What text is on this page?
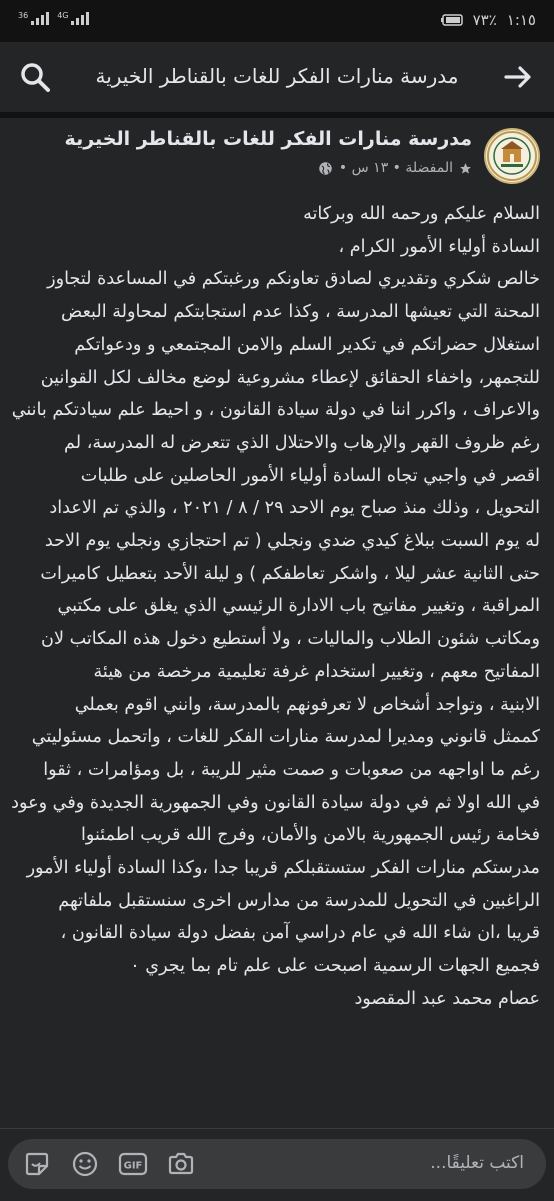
٧٣٪ ١:١٥
36	4G
مدرسة منارات الفكر للغات بالقناطر الخيرية
مدرسة منارات الفكر للغات بالقناطر الخيرية
المفضلة • ١٣ س •

السلام عليكم ورحمه الله وبركاته

السادة أولياء الأمور الكرام ،

خالص شكري وتقديري لصادق تعاونكم ورغبتكم في المساعدة لتجاوز

المحنة التي تعيشها المدرسة ، وكذا عدم استجابتكم لمحاولة البعض

استغلال حضراتكم في تكدير السلم والامن المجتمعي و ودعواتكم

للتجمهر، واخفاء الحقائق لإعطاء مشروعية لوضع مخالف لكل القوانين

والاعراف ، واكرر اننا في دولة سيادة القانون ، و احيط علم سيادتكم بانني

رغم ظروف القهر والإرهاب والاحتلال الذي تتعرض له المدرسة، لم

اقصر في واجبي تجاه السادة أولياء الأمور الحاصلين على طلبات

التحويل ، وذلك منذ صباح يوم الاحد ٢٩ / ٨ / ٢٠٢١ ، والذي تم الاعداد

له يوم السبت ببلاغ كيدي ضدي ونجلي ( تم احتجازي ونجلي يوم الاحد

حتى الثانية عشر ليلا ، واشكر تعاطفكم ) و ليلة الأحد بتعطيل كاميرات

المراقبة ، وتغيير مفاتيح باب الادارة الرئيسي الذي يغلق على مكتبي

ومكاتب شئون الطلاب والماليات ، ولا أستطيع دخول هذه المكاتب لان

المفاتيح معهم ، وتغيير استخدام غرفة تعليمية مرخصة من هيئة

الابنية ، وتواجد أشخاص لا تعرفونهم بالمدرسة، وانني اقوم بعملي

كممثل قانوني ومديرا لمدرسة منارات الفكر للغات ، واتحمل مسئوليتي

رغم ما اواجهه من صعوبات و صمت مثير للريبة ، بل ومؤامرات ، ثقوا

في الله اولا ثم في دولة سيادة القانون وفي الجمهورية الجديدة وفي وعود

فخامة رئيس الجمهورية بالامن والأمان، وفرج الله قريب اطمئنوا

مدرستكم منارات الفكر ستستقبلكم قريبا جدا ،وكذا السادة أولياء الأمور

الراغبين في التحويل للمدرسة من مدارس اخرى سنستقبل ملفاتهم

قريبا ،ان شاء الله في عام دراسي آمن بفضل دولة سيادة القانون ،

فجميع الجهات الرسمية اصبحت على علم تام بما يجري ٠

عصام محمد عبد المقصود

اكتب تعليقًا...
GIF
